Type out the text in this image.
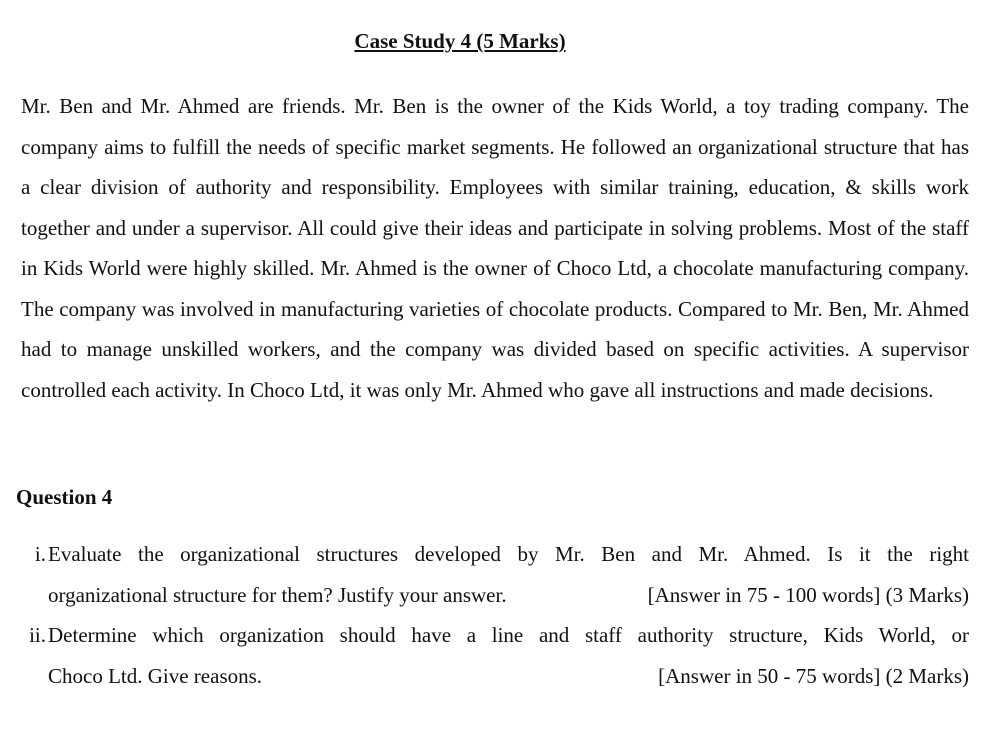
Case Study 4 (5 Marks)

Mr. Ben and Mr. Ahmed are friends. Mr. Ben is the owner of the Kids World, a toy trading company. The company aims to fulfill the needs of specific market segments. He followed an organizational structure that has a clear division of authority and responsibility. Employees with similar training, education, & skills work together and under a supervisor. All could give their ideas and participate in solving problems. Most of the staff in Kids World were highly skilled. Mr. Ahmed is the owner of Choco Ltd, a chocolate manufacturing company. The company was involved in manufacturing varieties of chocolate products. Compared to Mr. Ben, Mr. Ahmed had to manage unskilled workers, and the company was divided based on specific activities. A supervisor controlled each activity. In Choco Ltd, it was only Mr. Ahmed who gave all instructions and made decisions.

Question 4

i. Evaluate the organizational structures developed by Mr. Ben and Mr. Ahmed. Is it the right
organizational structure for them? Justify your answer.	[Answer in 75 - 100 words] (3 Marks)
ii. Determine which organization should have a line and staff authority structure, Kids World, or
Choco Ltd. Give reasons.	[Answer in 50 - 75 words] (2 Marks)
